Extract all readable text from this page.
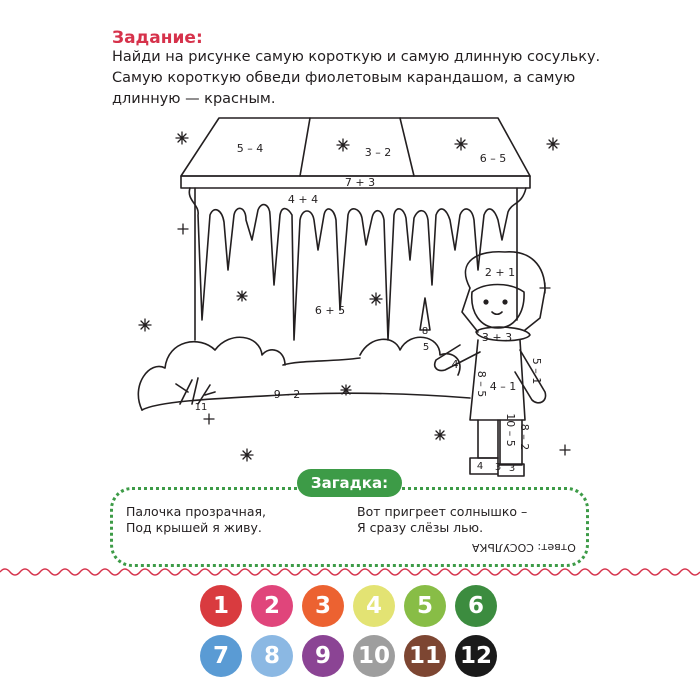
Задание:
Найди на рисунке самую короткую и самую длинную сосульку.
Самую короткую обведи фиолетовым карандашом, а самую
длинную — красным.
5 – 4	3 – 2	6 – 5
7 + 3
4 + 4
6 + 5
9 – 2
11
2 + 1
3 + 3
5 – 1
4 – 1
8 – 5
8 – 2
10 – 5
4
8
5
4 3 3
Загадка:
Палочка прозрачная,
Под крышей я живу.
Вот пригреет солнышко –
Я сразу слёзы лью.
Ответ: СОСУЛЬКА
1	2	3	4	5	6
7	8	9	10 11 12
